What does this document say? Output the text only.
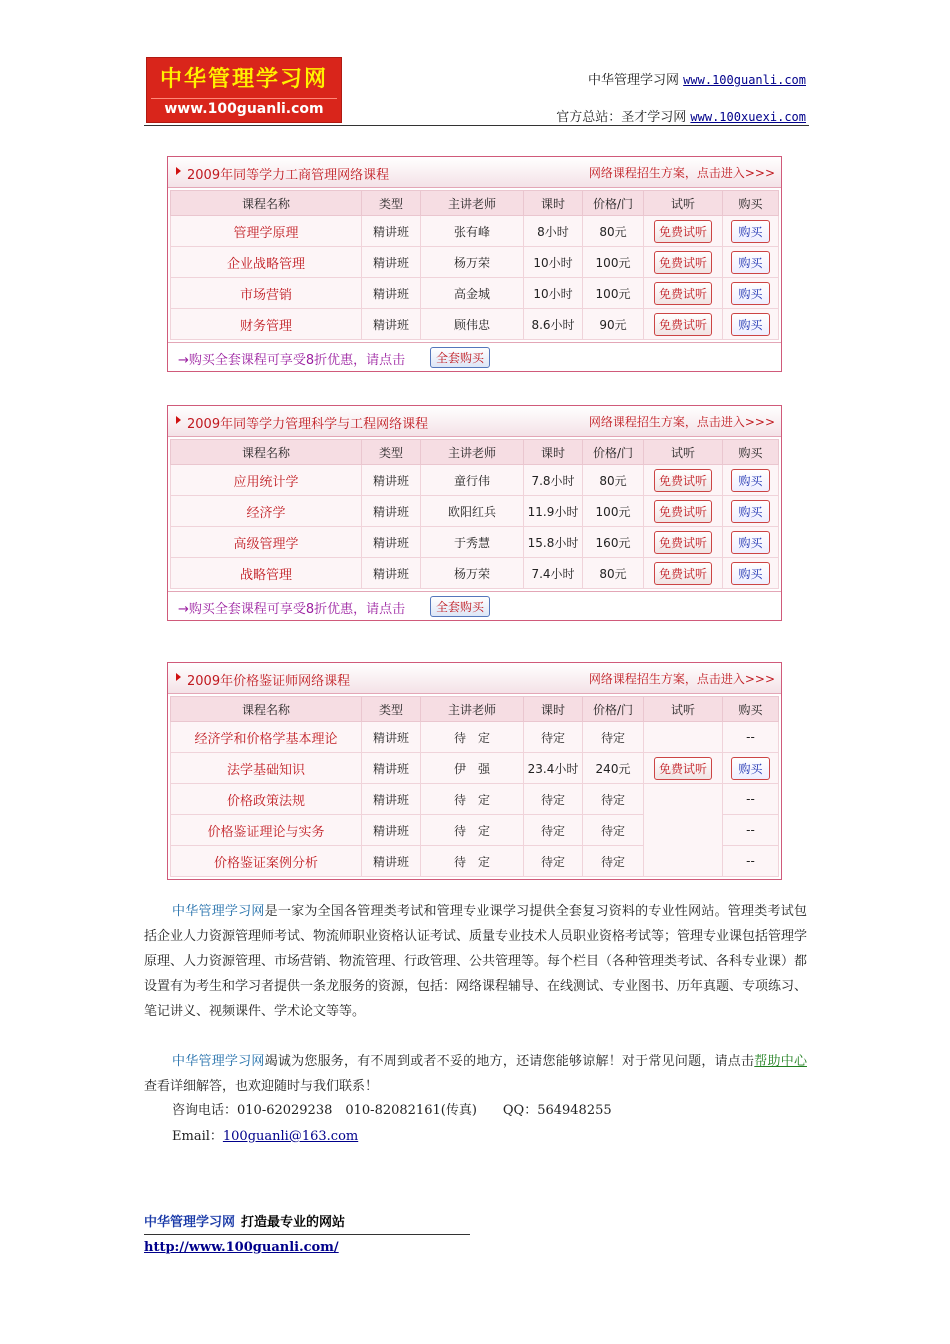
中华管理学习网
www.100guanli.com
中华管理学习网 www.100guanli.com
官方总站：圣才学习网 www.100xuexi.com
2009年同等学力工商管理网络课程	网络课程招生方案，点击进入>>>
课程名称	类型	主讲老师	课时	价格/门	试听	购买
管理学原理	精讲班	张有峰	8小时	80元	免费试听	购买
企业战略管理	精讲班	杨万荣	10小时	100元	免费试听	购买
市场营销	精讲班	高金城	10小时	100元	免费试听	购买
财务管理	精讲班	顾伟忠	8.6小时	90元	免费试听	购买
→购买全套课程可享受8折优惠，请点击	全套购买
2009年同等学力管理科学与工程网络课程	网络课程招生方案，点击进入>>>
课程名称	类型	主讲老师	课时	价格/门	试听	购买
应用统计学	精讲班	童行伟	7.8小时	80元	免费试听	购买
经济学	精讲班	欧阳红兵	11.9小时	100元	免费试听	购买
高级管理学	精讲班	于秀慧	15.8小时	160元	免费试听	购买
战略管理	精讲班	杨万荣	7.4小时	80元	免费试听	购买
→购买全套课程可享受8折优惠，请点击	全套购买
2009年价格鉴证师网络课程	网络课程招生方案，点击进入>>>
课程名称	类型	主讲老师	课时	价格/门	试听	购买
经济学和价格学基本理论	精讲班	待　定	待定	待定		--
法学基础知识	精讲班	伊　强	23.4小时	240元	免费试听	购买
价格政策法规	精讲班	待　定	待定	待定		--
价格鉴证理论与实务	精讲班	待　定	待定	待定		--
价格鉴证案例分析	精讲班	待　定	待定	待定		--
中华管理学习网是一家为全国各管理类考试和管理专业课学习提供全套复习资料的专业性网站。管理类考试包括企业人力资源管理师考试、物流师职业资格认证考试、质量专业技术人员职业资格考试等；管理专业课包括管理学原理、人力资源管理、市场营销、物流管理、行政管理、公共管理等。每个栏目（各种管理类考试、各科专业课）都设置有为考生和学习者提供一条龙服务的资源，包括：网络课程辅导、在线测试、专业图书、历年真题、专项练习、笔记讲义、视频课件、学术论文等等。
中华管理学习网竭诚为您服务，有不周到或者不妥的地方，还请您能够谅解！对于常见问题，请点击帮助中心查看详细解答，也欢迎随时与我们联系！
咨询电话：010-62029238　010-82082161(传真)　　QQ：564948255
Email：100guanli@163.com
中华管理学习网 打造最专业的网站
http://www.100guanli.com/
